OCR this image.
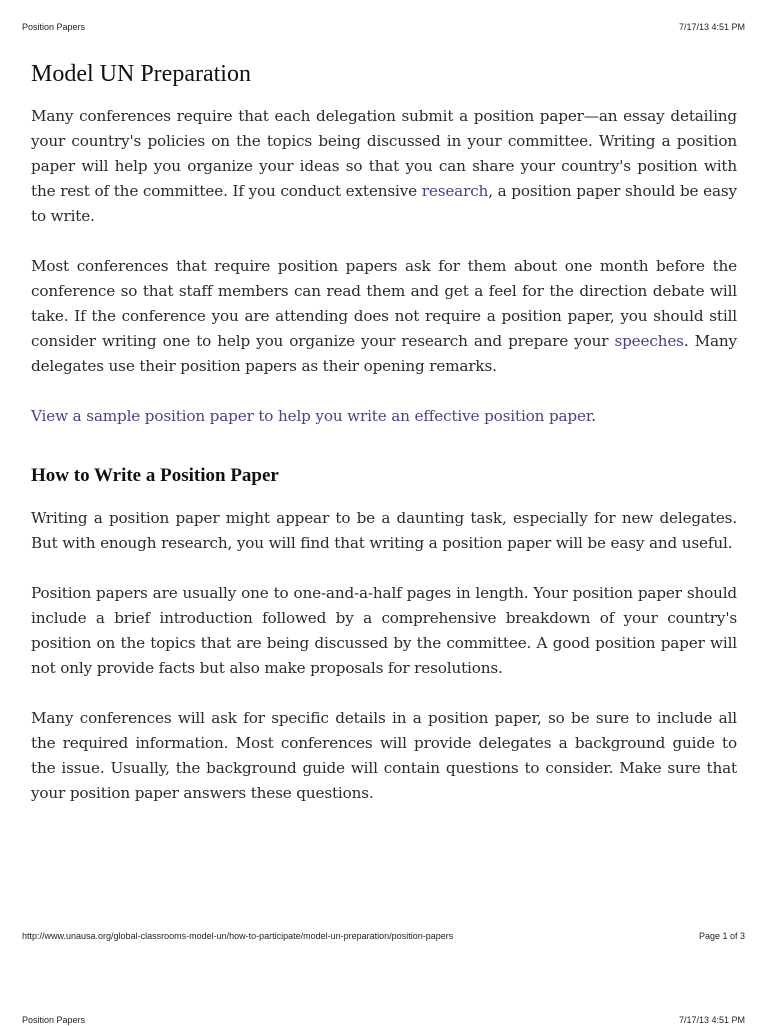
Position Papers	7/17/13 4:51 PM
Model UN Preparation

Many conferences require that each delegation submit a position paper—an essay detailing your country's policies on the topics being discussed in your committee. Writing a position paper will help you organize your ideas so that you can share your country's position with the rest of the committee. If you conduct extensive research, a position paper should be easy to write.

Most conferences that require position papers ask for them about one month before the conference so that staff members can read them and get a feel for the direction debate will take. If the conference you are attending does not require a position paper, you should still consider writing one to help you organize your research and prepare your speeches. Many delegates use their position papers as their opening remarks.

View a sample position paper to help you write an effective position paper.

How to Write a Position Paper

Writing a position paper might appear to be a daunting task, especially for new delegates. But with enough research, you will find that writing a position paper will be easy and useful.

Position papers are usually one to one-and-a-half pages in length. Your position paper should include a brief introduction followed by a comprehensive breakdown of your country's position on the topics that are being discussed by the committee. A good position paper will not only provide facts but also make proposals for resolutions.

Many conferences will ask for specific details in a position paper, so be sure to include all the required information. Most conferences will provide delegates a background guide to the issue. Usually, the background guide will contain questions to consider. Make sure that your position paper answers these questions.

http://www.unausa.org/global-classrooms-model-un/how-to-participate/model-un-preparation/position-papers	Page 1 of 3
Position Papers	7/17/13 4:51 PM
